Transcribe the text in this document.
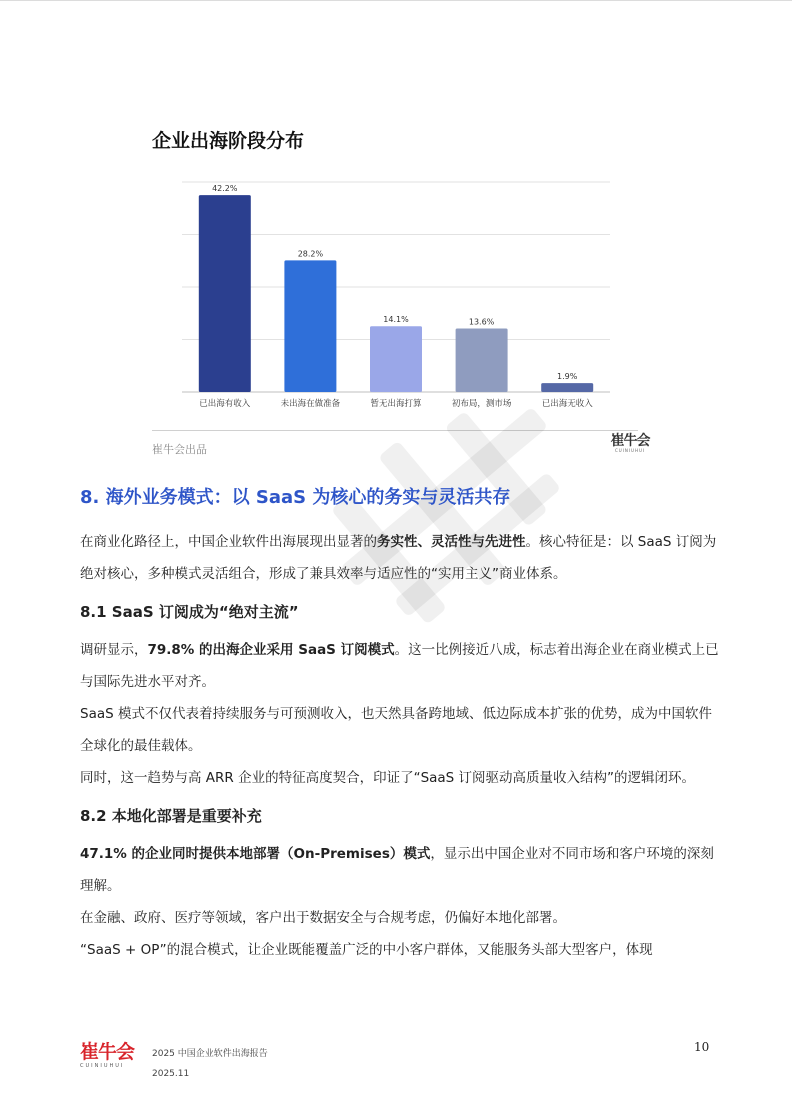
企业出海阶段分布
42.2%
已出海有收入
28.2%
未出海在做准备
14.1%
暂无出海打算
13.6%
初布局，测市场
1.9%
已出海无收入
崔牛会出品
崔牛会
CUINIUHUI
8. 海外业务模式：以 SaaS 为核心的务实与灵活共存

在商业化路径上，中国企业软件出海展现出显著的务实性、灵活性与先进性。核心特征是：以 SaaS 订阅为绝对核心，多种模式灵活组合，形成了兼具效率与适应性的“实用主义”商业体系。

8.1 SaaS 订阅成为“绝对主流”

调研显示，79.8% 的出海企业采用 SaaS 订阅模式。这一比例接近八成，标志着出海企业在商业模式上已与国际先进水平对齐。

SaaS 模式不仅代表着持续服务与可预测收入，也天然具备跨地域、低边际成本扩张的优势，成为中国软件全球化的最佳载体。

同时，这一趋势与高 ARR 企业的特征高度契合，印证了“SaaS 订阅驱动高质量收入结构”的逻辑闭环。

8.2 本地化部署是重要补充

47.1% 的企业同时提供本地部署（On-Premises）模式，显示出中国企业对不同市场和客户环境的深刻理解。

在金融、政府、医疗等领域，客户出于数据安全与合规考虑，仍偏好本地化部署。

“SaaS + OP”的混合模式，让企业既能覆盖广泛的中小客户群体，又能服务头部大型客户，体现

崔牛会
CUINIUHUI
2025 中国企业软件出海报告
2025.11
10
